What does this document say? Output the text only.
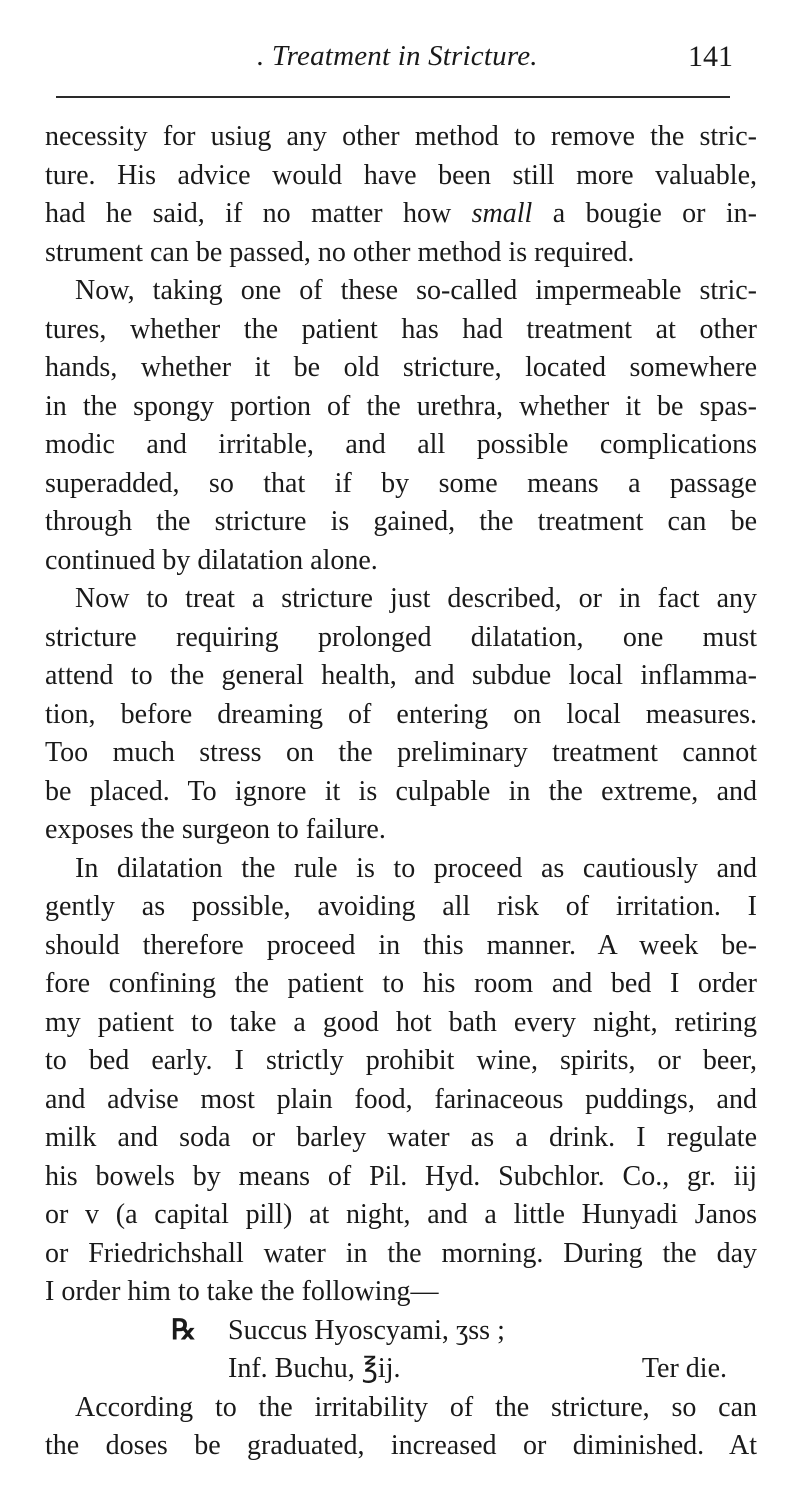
. Treatment in Stricture.	141
necessity for usiug any other method to remove the stric-
ture. His advice would have been still more valuable,
had he said, if no matter how small a bougie or in-
strument can be passed, no other method is required.
Now, taking one of these so-called impermeable stric-
tures, whether the patient has had treatment at other
hands, whether it be old stricture, located somewhere
in the spongy portion of the urethra, whether it be spas-
modic and irritable, and all possible complications
superadded, so that if by some means a passage
through the stricture is gained, the treatment can be
continued by dilatation alone.
Now to treat a stricture just described, or in fact any
stricture requiring prolonged dilatation, one must
attend to the general health, and subdue local inflamma-
tion, before dreaming of entering on local measures.
Too much stress on the preliminary treatment cannot
be placed. To ignore it is culpable in the extreme, and
exposes the surgeon to failure.
In dilatation the rule is to proceed as cautiously and
gently as possible, avoiding all risk of irritation. I
should therefore proceed in this manner. A week be-
fore confining the patient to his room and bed I order
my patient to take a good hot bath every night, retiring
to bed early. I strictly prohibit wine, spirits, or beer,
and advise most plain food, farinaceous puddings, and
milk and soda or barley water as a drink. I regulate
his bowels by means of Pil. Hyd. Subchlor. Co., gr. iij
or v (a capital pill) at night, and a little Hunyadi Janos
or Friedrichshall water in the morning. During the day
I order him to take the following—
℞ Succus Hyoscyami, ʒss ;
Inf. Buchu, ℥ij.	Ter die.
According to the irritability of the stricture, so can
the doses be graduated, increased or diminished. At
